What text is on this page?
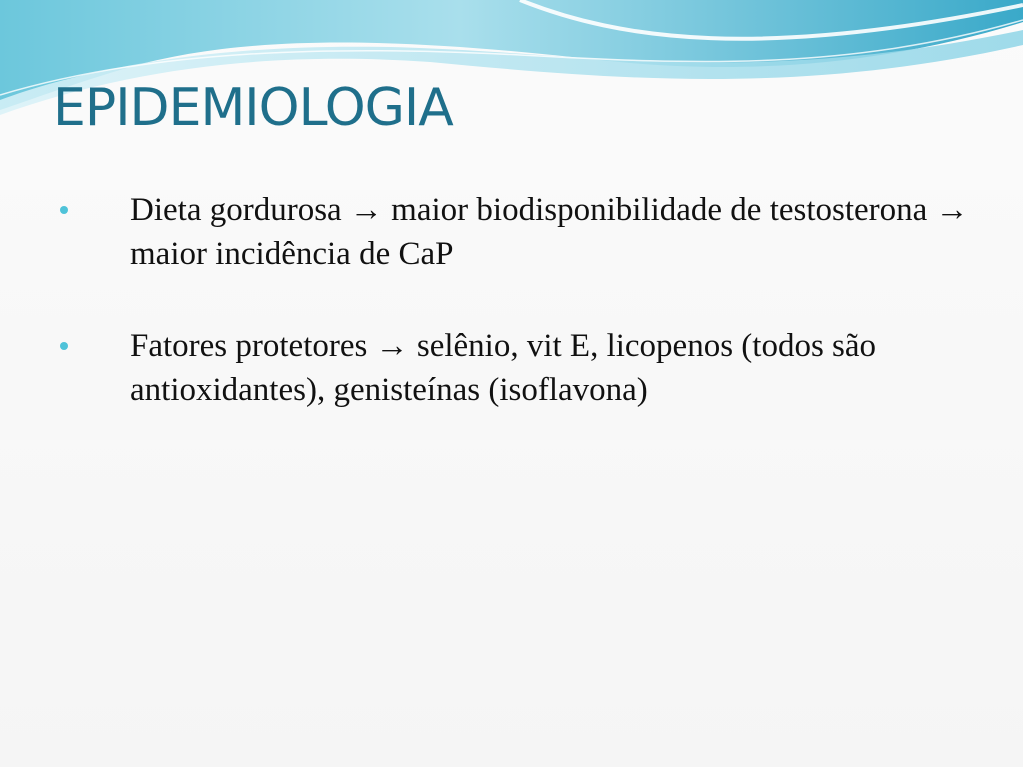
EPIDEMIOLOGIA
Dieta gordurosa → maior biodisponibilidade de testosterona → maior incidência de CaP
Fatores protetores → selênio, vit E, licopenos (todos são antioxidantes), genisteínas (isoflavona)
